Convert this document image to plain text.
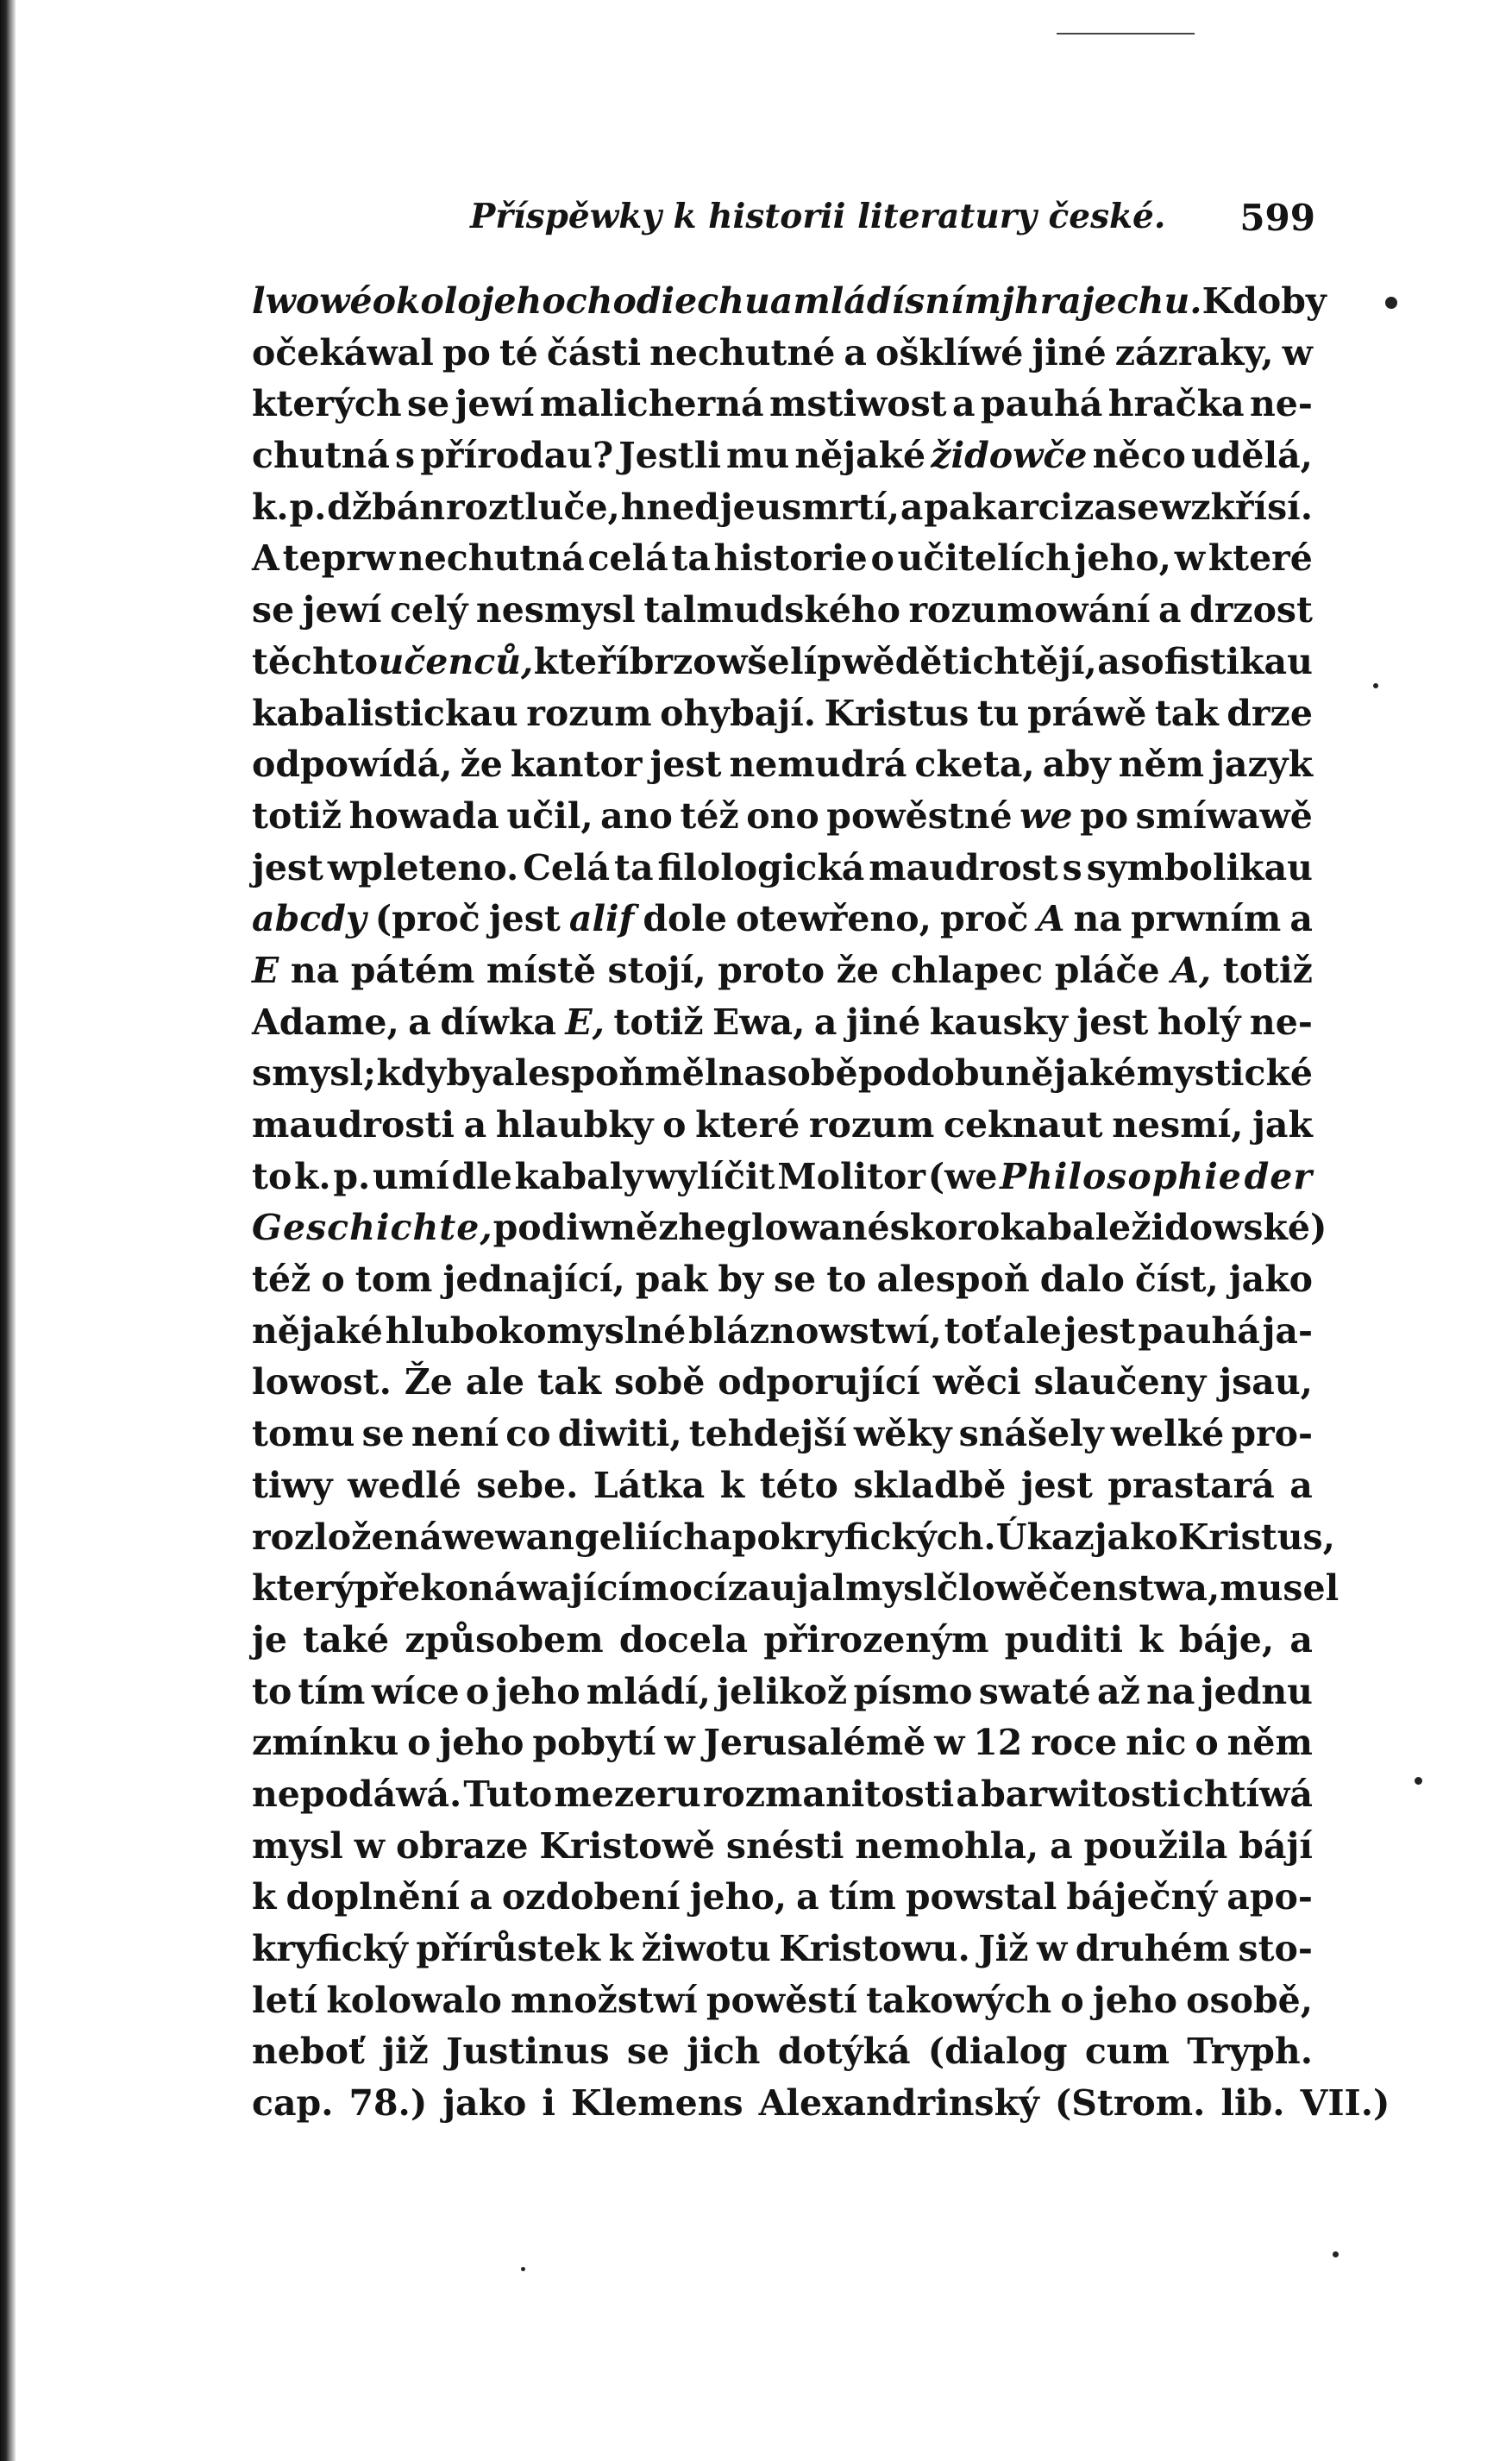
Příspěwky k historii literatury české. 599
lwowé okolo jeho chodiechu a mládí s ním jhrajechu. Kdoby
očekáwal po té části nechutné a ošklíwé jiné zázraky, w
kterých se jewí malicherná mstiwost a pauhá hračka ne-
chutná s přírodau? Jestli mu nějaké židowče něco udělá,
k. p. džbán roztluče, hned je usmrtí, a pak arci zase wzkřísí.
A teprw nechutná celá ta historie o učitelích jeho, w které
se jewí celý nesmysl talmudského rozumowání a drzost
těchto učenců, kteří brzo wše líp wěděti chtějí, a sofistikau
kabalistickau rozum ohybají. Kristus tu práwě tak drze
odpowídá, že kantor jest nemudrá cketa, aby něm jazyk
totiž howada učil, ano též ono powěstné we po smíwawě
jest wpleteno. Celá ta filologická maudrost s symbolikau
abcdy (proč jest alif dole otewřeno, proč A na prwním a
E na pátém místě stojí, proto že chlapec pláče A, totiž
Adame, a díwka E, totiž Ewa, a jiné kausky jest holý ne-
smysl; kdyby alespoň měl na sobě podobu nějaké mystické
maudrosti a hlaubky o které rozum ceknaut nesmí, jak
to k. p. umí dle kabaly wylíčit Molitor (we Philosophie der
Geschichte, podiwně zheglowané skoro kabale židowské)
též o tom jednající, pak by se to alespoň dalo číst, jako
nějaké hlubokomyslné bláznowstwí, toť ale jest pauhá ja-
lowost. Že ale tak sobě odporující wěci slaučeny jsau,
tomu se není co diwiti, tehdejší wěky snášely welké pro-
tiwy wedlé sebe. Látka k této skladbě jest prastará a
rozložená w ewangeliích apokryfických. Úkaz jako Kristus,
který překonáwající mocí zaujal mysl člowěčenstwa, musel
je také způsobem docela přirozeným puditi k báje, a
to tím wíce o jeho mládí, jelikož písmo swaté až na jednu
zmínku o jeho pobytí w Jerusalémě w 12 roce nic o něm
nepodáwá. Tuto mezeru rozmanitosti a barwitosti chtíwá
mysl w obraze Kristowě snésti nemohla, a použila bájí
k doplnění a ozdobení jeho, a tím powstal báječný apo-
kryfický přírůstek k žiwotu Kristowu. Již w druhém sto-
letí kolowalo množstwí powěstí takowých o jeho osobě,
neboť již Justinus se jich dotýká (dialog cum Tryph.
cap. 78.) jako i Klemens Alexandrinský (Strom. lib. VII.)
